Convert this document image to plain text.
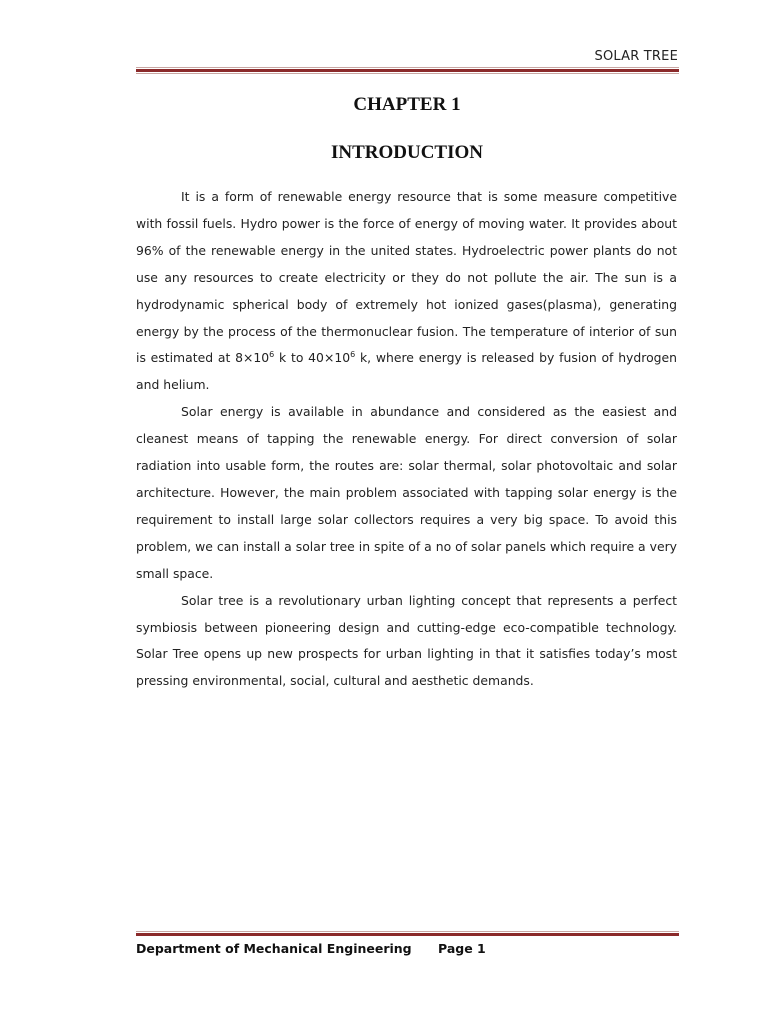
SOLAR TREE
CHAPTER 1
INTRODUCTION

It is a form of renewable energy resource that is some measure competitive with fossil fuels. Hydro power is the force of energy of moving water. It provides about 96% of the renewable energy in the united states. Hydroelectric power plants do not use any resources to create electricity or they do not pollute the air. The sun is a hydrodynamic spherical body of extremely hot ionized gases(plasma), generating energy by the process of the thermonuclear fusion. The temperature of interior of sun is estimated at $8\times 10^6$ k to $40\times 10^6$ k, where energy is released by fusion of hydrogen and helium.

Solar energy is available in abundance and considered as the easiest and cleanest means of tapping the renewable energy. For direct conversion of solar radiation into usable form, the routes are: solar thermal, solar photovoltaic and solar architecture. However, the main problem associated with tapping solar energy is the requirement to install large solar collectors requires a very big space. To avoid this problem, we can install a solar tree in spite of a no of solar panels which require a very small space.

Solar tree is a revolutionary urban lighting concept that represents a perfect symbiosis between pioneering design and cutting-edge eco-compatible technology. Solar Tree opens up new prospects for urban lighting in that it satisfies today’s most pressing environmental, social, cultural and aesthetic demands.

Department of Mechanical Engineering Page 1
